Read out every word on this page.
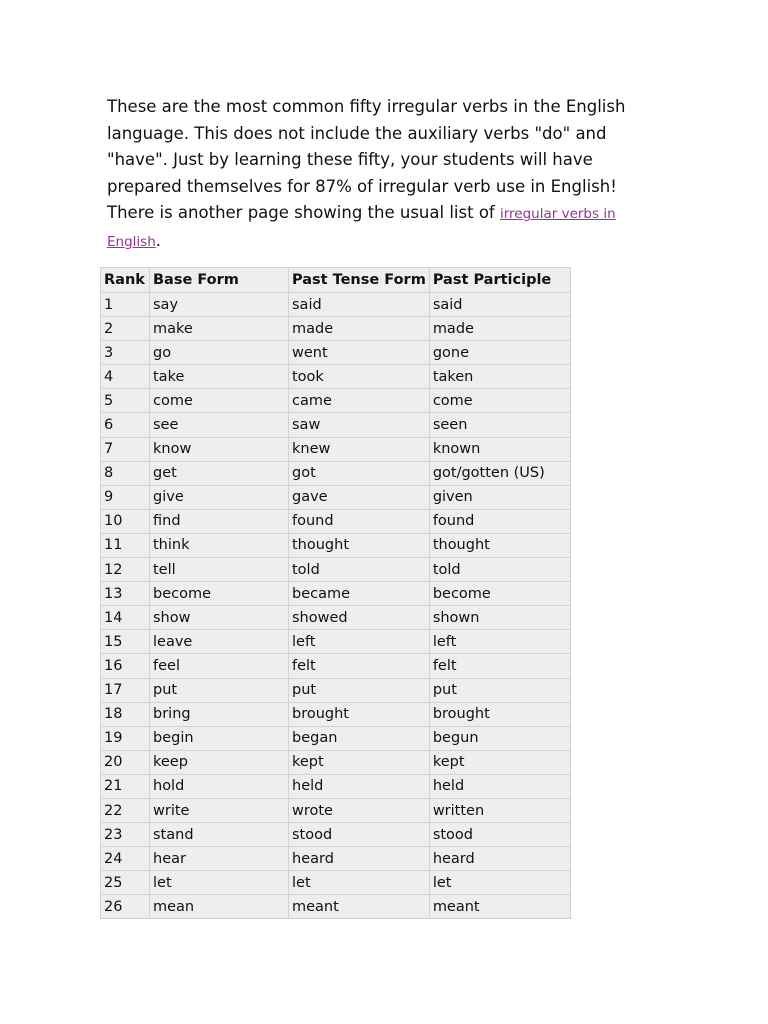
These are the most common fifty irregular verbs in the English language. This does not include the auxiliary verbs "do" and "have". Just by learning these fifty, your students will have prepared themselves for 87% of irregular verb use in English! There is another page showing the usual list of irregular verbs in English.

Rank	Base Form	Past Tense Form	Past Participle
1	say	said	said
2	make	made	made
3	go	went	gone
4	take	took	taken
5	come	came	come
6	see	saw	seen
7	know	knew	known
8	get	got	got/gotten (US)
9	give	gave	given
10	find	found	found
11	think	thought	thought
12	tell	told	told
13	become	became	become
14	show	showed	shown
15	leave	left	left
16	feel	felt	felt
17	put	put	put
18	bring	brought	brought
19	begin	began	begun
20	keep	kept	kept
21	hold	held	held
22	write	wrote	written
23	stand	stood	stood
24	hear	heard	heard
25	let	let	let
26	mean	meant	meant
